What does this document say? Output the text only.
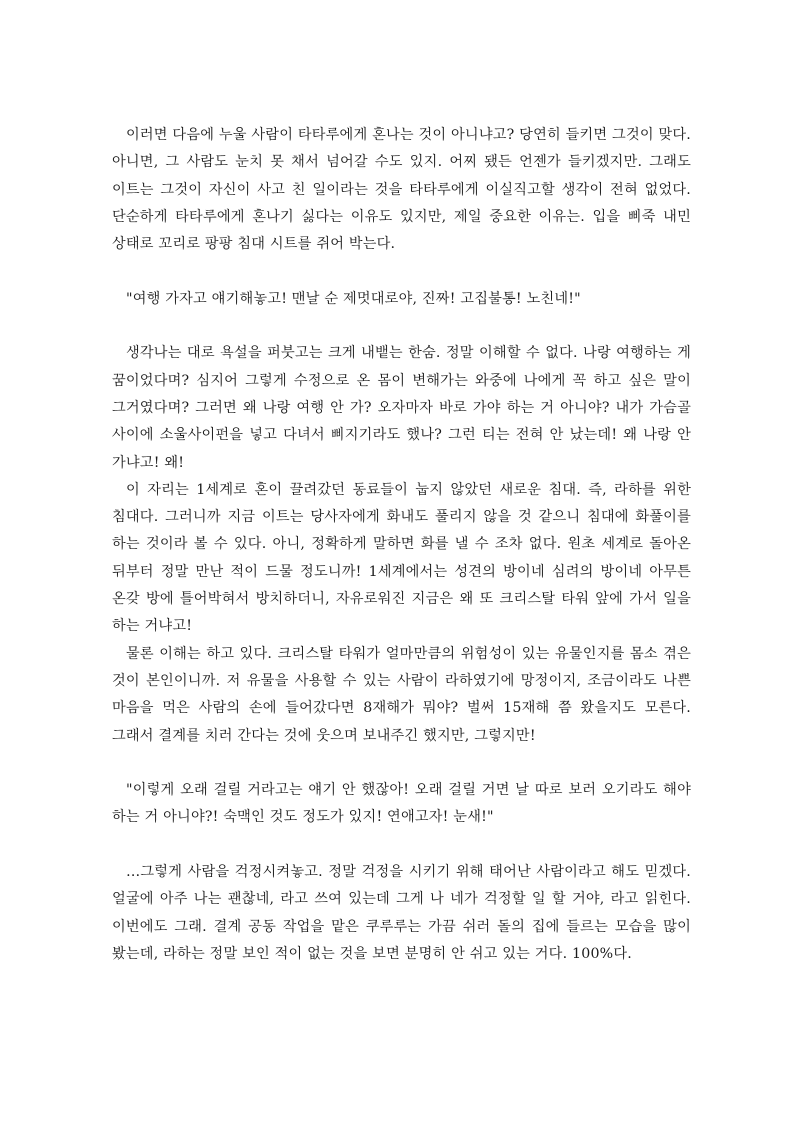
이러면 다음에 누울 사람이 타타루에게 혼나는 것이 아니냐고? 당연히 들키면 그것이 맞다. 아니면, 그 사람도 눈치 못 채서 넘어갈 수도 있지. 어찌 됐든 언젠가 들키겠지만. 그래도 이트는 그것이 자신이 사고 친 일이라는 것을 타타루에게 이실직고할 생각이 전혀 없었다. 단순하게 타타루에게 혼나기 싫다는 이유도 있지만, 제일 중요한 이유는. 입을 삐죽 내민 상태로 꼬리로 팡팡 침대 시트를 쥐어 박는다.

"여행 가자고 얘기해놓고! 맨날 순 제멋대로야, 진짜! 고집불통! 노친네!"

생각나는 대로 욕설을 퍼붓고는 크게 내뱉는 한숨. 정말 이해할 수 없다. 나랑 여행하는 게 꿈이었다며? 심지어 그렇게 수정으로 온 몸이 변해가는 와중에 나에게 꼭 하고 싶은 말이 그거였다며? 그러면 왜 나랑 여행 안 가? 오자마자 바로 가야 하는 거 아니야? 내가 가슴골 사이에 소울사이펀을 넣고 다녀서 삐지기라도 했나? 그런 티는 전혀 안 났는데! 왜 나랑 안 가냐고! 왜!

이 자리는 1세계로 혼이 끌려갔던 동료들이 눕지 않았던 새로운 침대. 즉, 라하를 위한 침대다. 그러니까 지금 이트는 당사자에게 화내도 풀리지 않을 것 같으니 침대에 화풀이를 하는 것이라 볼 수 있다. 아니, 정확하게 말하면 화를 낼 수 조차 없다. 원초 세계로 돌아온 뒤부터 정말 만난 적이 드물 정도니까! 1세계에서는 성견의 방이네 심려의 방이네 아무튼 온갖 방에 틀어박혀서 방치하더니, 자유로워진 지금은 왜 또 크리스탈 타워 앞에 가서 일을 하는 거냐고!

물론 이해는 하고 있다. 크리스탈 타워가 얼마만큼의 위험성이 있는 유물인지를 몸소 겪은 것이 본인이니까. 저 유물을 사용할 수 있는 사람이 라하였기에 망정이지, 조금이라도 나쁜 마음을 먹은 사람의 손에 들어갔다면 8재해가 뭐야? 벌써 15재해 쯤 왔을지도 모른다. 그래서 결계를 치러 간다는 것에 웃으며 보내주긴 했지만, 그렇지만!

"이렇게 오래 걸릴 거라고는 얘기 안 했잖아! 오래 걸릴 거면 날 따로 보러 오기라도 해야 하는 거 아니야?! 숙맥인 것도 정도가 있지! 연애고자! 눈새!"

…그렇게 사람을 걱정시켜놓고. 정말 걱정을 시키기 위해 태어난 사람이라고 해도 믿겠다. 얼굴에 아주 나는 괜찮네, 라고 쓰여 있는데 그게 나 네가 걱정할 일 할 거야, 라고 읽힌다. 이번에도 그래. 결계 공동 작업을 맡은 쿠루루는 가끔 쉬러 돌의 집에 들르는 모습을 많이 봤는데, 라하는 정말 보인 적이 없는 것을 보면 분명히 안 쉬고 있는 거다. 100%다.
